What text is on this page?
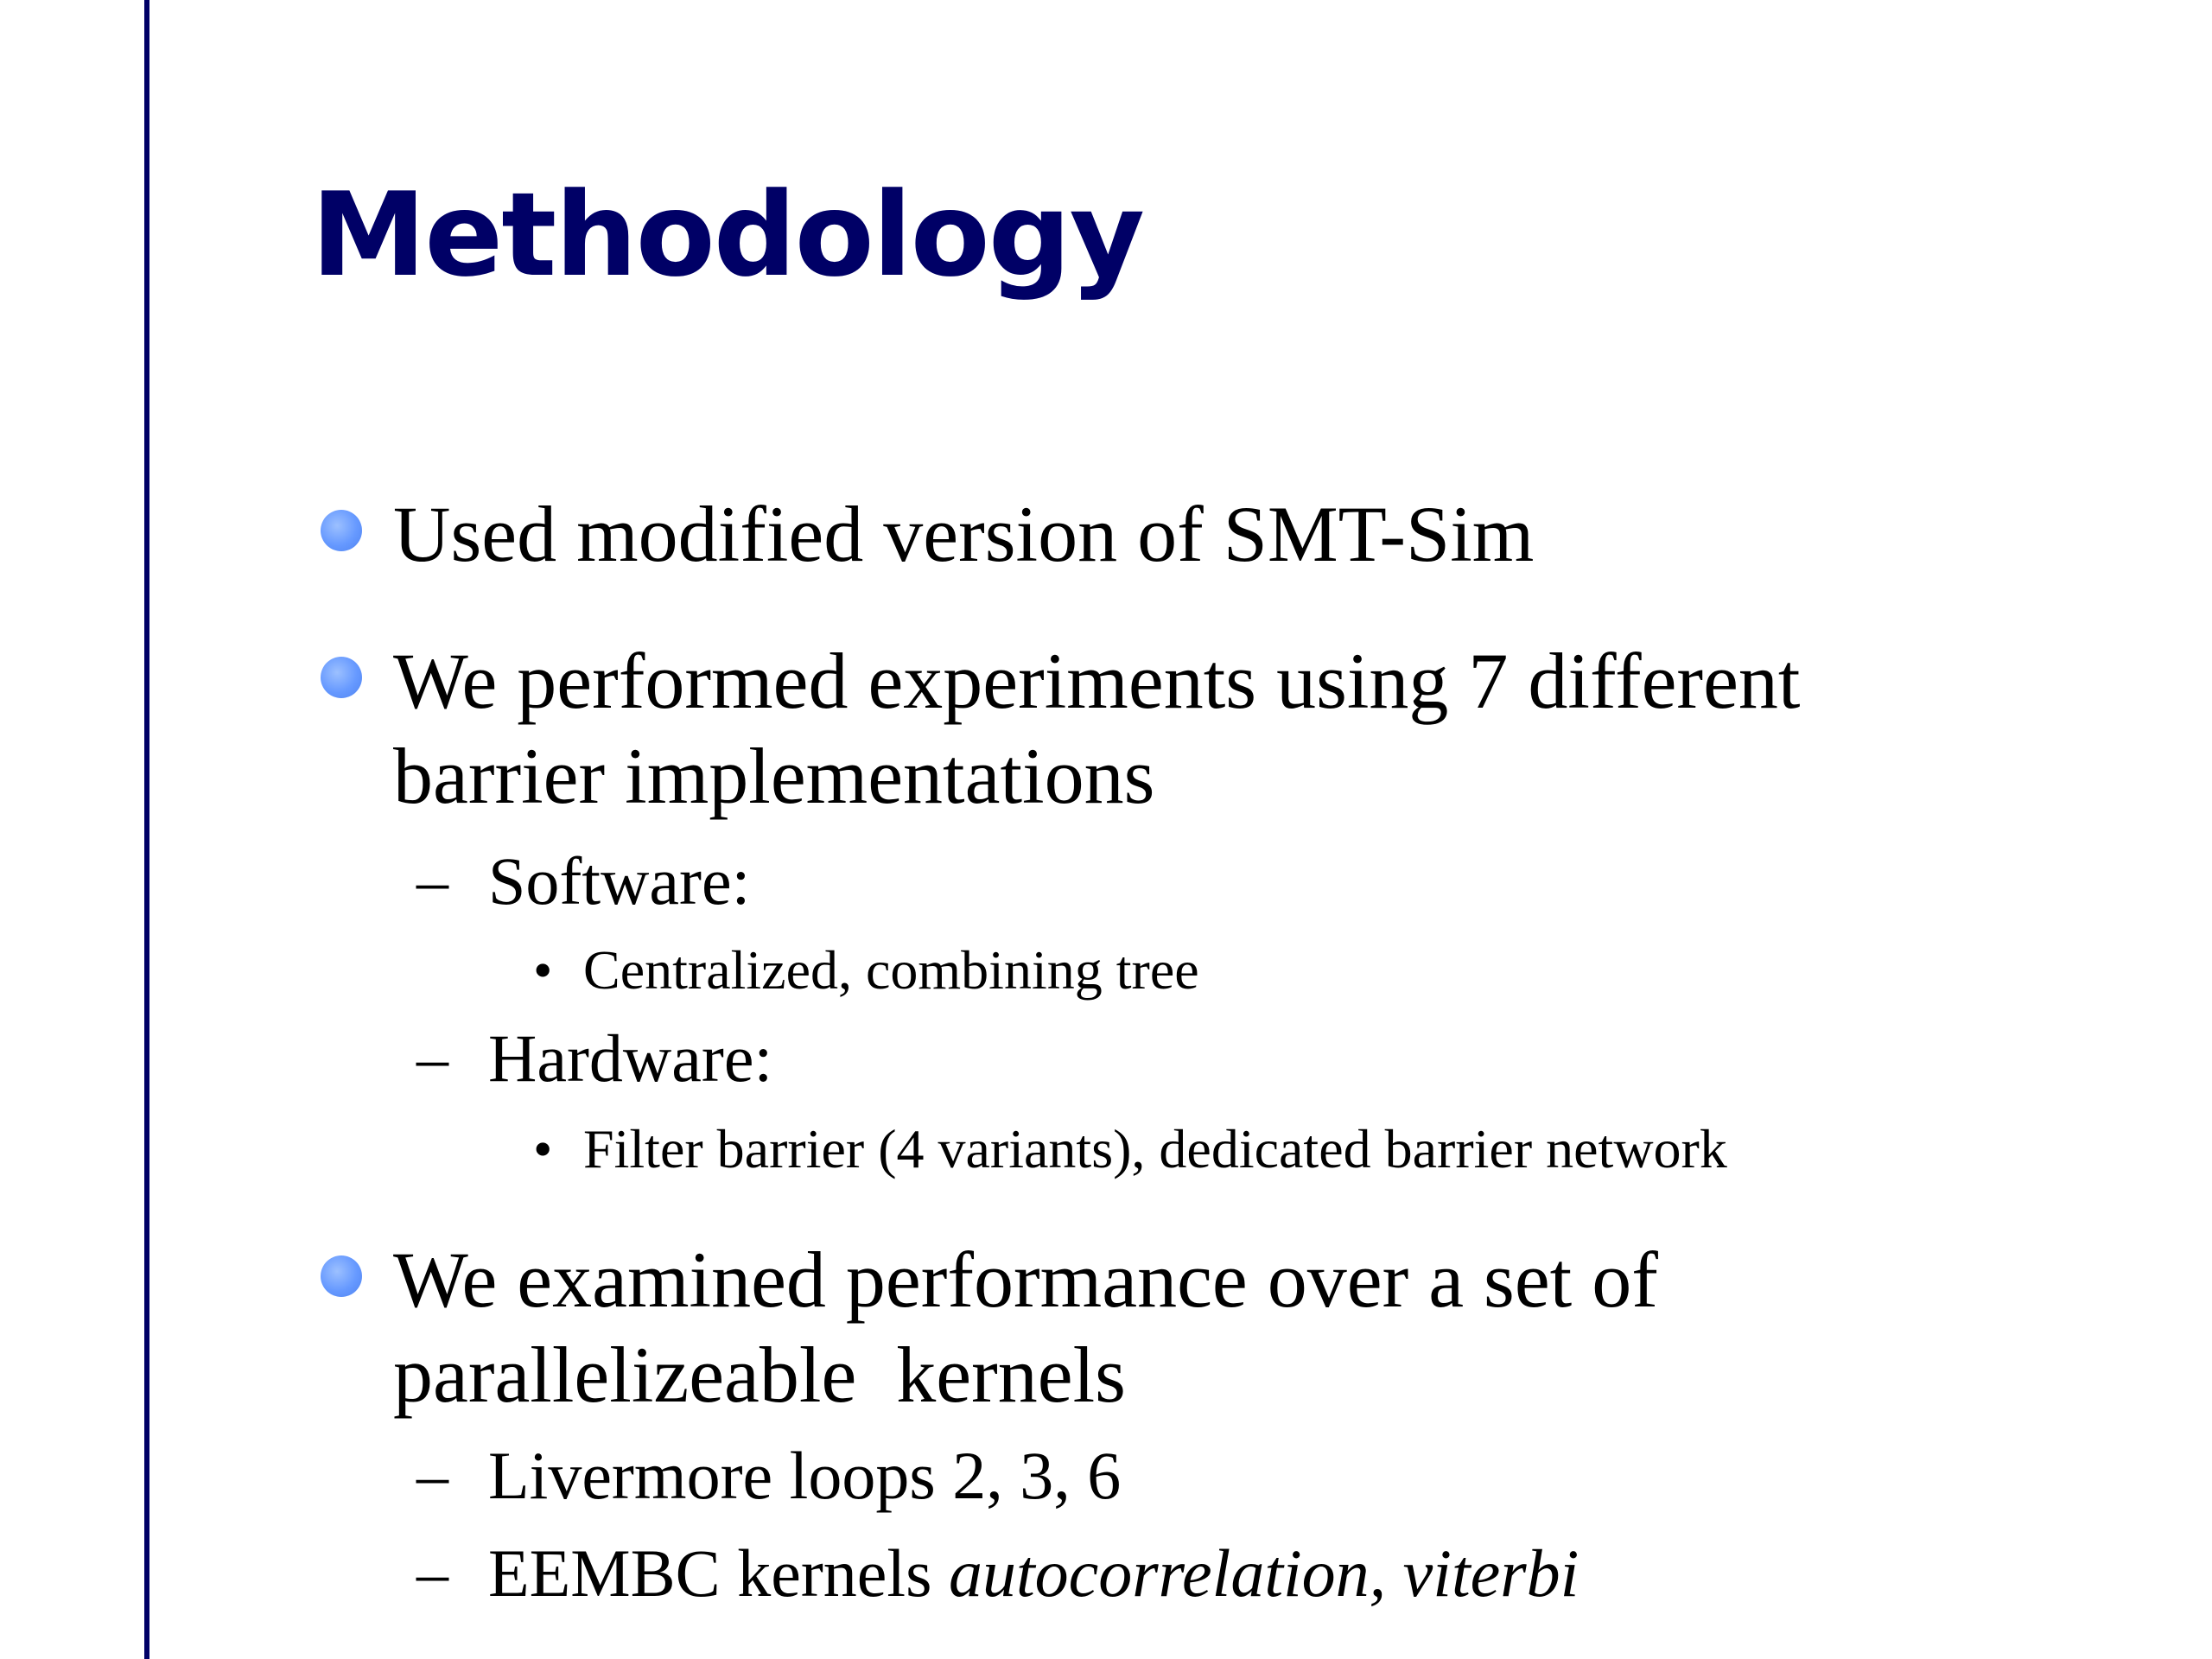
Methodology
Used modified version of SMT-Sim
We performed experiments using 7 different
barrier implementations
– Software:
• Centralized, combining tree
– Hardware:
• Filter barrier (4 variants), dedicated barrier network
We examined performance over a set of
parallelizeable  kernels
– Livermore loops 2, 3, 6
– EEMBC kernels autocorrelation, viterbi
